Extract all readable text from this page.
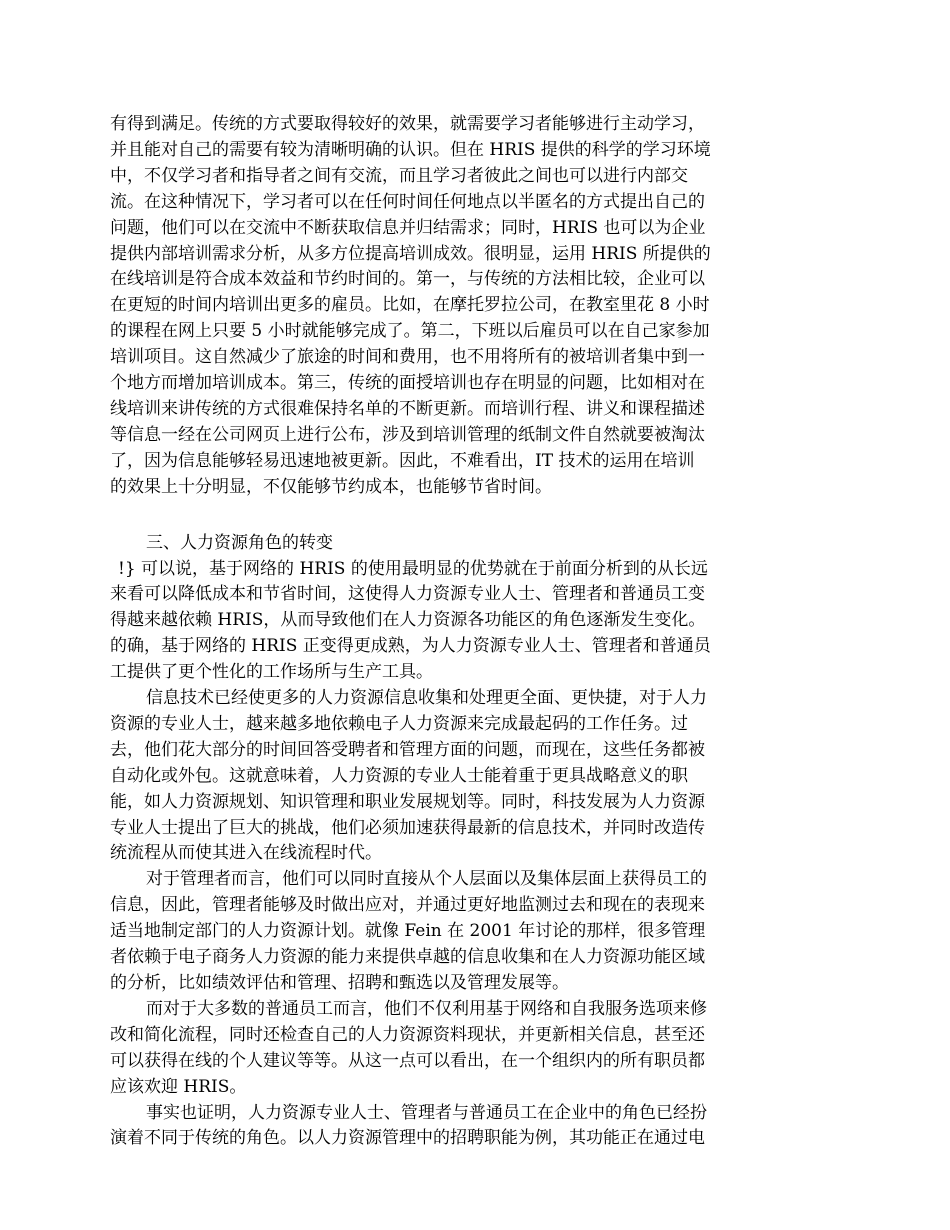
有得到满足。传统的方式要取得较好的效果，就需要学习者能够进行主动学习，
并且能对自己的需要有较为清晰明确的认识。但在 HRIS 提供的科学的学习环境
中，不仅学习者和指导者之间有交流，而且学习者彼此之间也可以进行内部交
流。在这种情况下，学习者可以在任何时间任何地点以半匿名的方式提出自己的
问题，他们可以在交流中不断获取信息并归结需求；同时，HRIS 也可以为企业
提供内部培训需求分析，从多方位提高培训成效。很明显，运用 HRIS 所提供的
在线培训是符合成本效益和节约时间的。第一，与传统的方法相比较，企业可以
在更短的时间内培训出更多的雇员。比如，在摩托罗拉公司，在教室里花 8 小时
的课程在网上只要 5 小时就能够完成了。第二，下班以后雇员可以在自己家参加
培训项目。这自然减少了旅途的时间和费用，也不用将所有的被培训者集中到一
个地方而增加培训成本。第三，传统的面授培训也存在明显的问题，比如相对在
线培训来讲传统的方式很难保持名单的不断更新。而培训行程、讲义和课程描述
等信息一经在公司网页上进行公布，涉及到培训管理的纸制文件自然就要被淘汰
了，因为信息能够轻易迅速地被更新。因此，不难看出，IT 技术的运用在培训
的效果上十分明显，不仅能够节约成本，也能够节省时间。
三、人力资源角色的转变
!} 可以说，基于网络的 HRIS 的使用最明显的优势就在于前面分析到的从长远
来看可以降低成本和节省时间，这使得人力资源专业人士、管理者和普通员工变
得越来越依赖 HRIS，从而导致他们在人力资源各功能区的角色逐渐发生变化。
的确，基于网络的 HRIS 正变得更成熟，为人力资源专业人士、管理者和普通员
工提供了更个性化的工作场所与生产工具。
信息技术已经使更多的人力资源信息收集和处理更全面、更快捷，对于人力
资源的专业人士，越来越多地依赖电子人力资源来完成最起码的工作任务。过
去，他们花大部分的时间回答受聘者和管理方面的问题，而现在，这些任务都被
自动化或外包。这就意味着，人力资源的专业人士能着重于更具战略意义的职
能，如人力资源规划、知识管理和职业发展规划等。同时，科技发展为人力资源
专业人士提出了巨大的挑战，他们必须加速获得最新的信息技术，并同时改造传
统流程从而使其进入在线流程时代。
对于管理者而言，他们可以同时直接从个人层面以及集体层面上获得员工的
信息，因此，管理者能够及时做出应对，并通过更好地监测过去和现在的表现来
适当地制定部门的人力资源计划。就像 Fein 在 2001 年讨论的那样，很多管理
者依赖于电子商务人力资源的能力来提供卓越的信息收集和在人力资源功能区域
的分析，比如绩效评估和管理、招聘和甄选以及管理发展等。
而对于大多数的普通员工而言，他们不仅利用基于网络和自我服务选项来修
改和简化流程，同时还检查自己的人力资源资料现状，并更新相关信息，甚至还
可以获得在线的个人建议等等。从这一点可以看出，在一个组织内的所有职员都
应该欢迎 HRIS。
事实也证明，人力资源专业人士、管理者与普通员工在企业中的角色已经扮
演着不同于传统的角色。以人力资源管理中的招聘职能为例，其功能正在通过电
